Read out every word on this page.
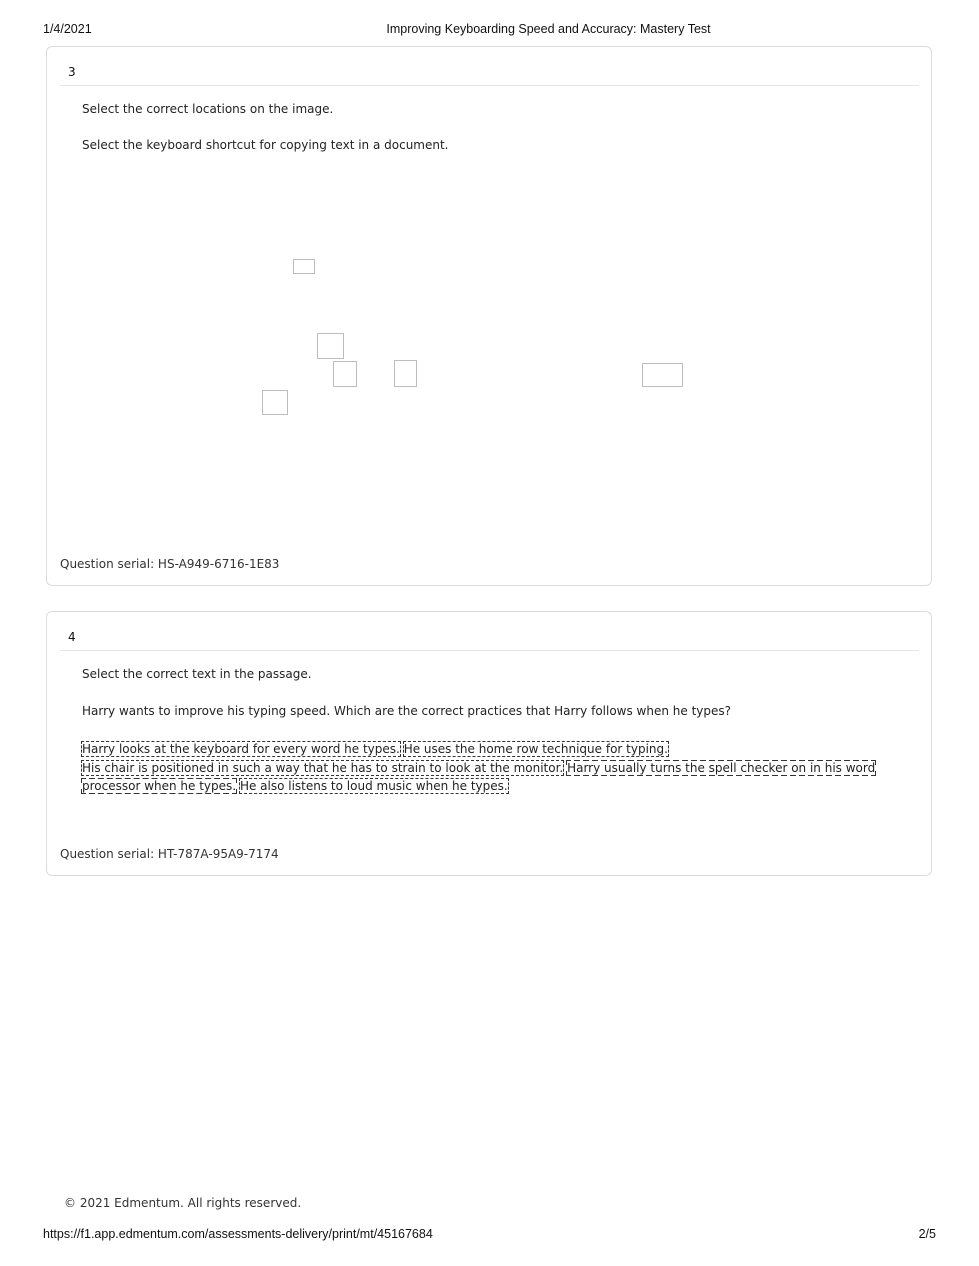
1/4/2021	Improving Keyboarding Speed and Accuracy: Mastery Test
3
Select the correct locations on the image.
Select the keyboard shortcut for copying text in a document.
Question serial: HS-A949-6716-1E83
4
Select the correct text in the passage.
Harry wants to improve his typing speed. Which are the correct practices that Harry follows when he types?
Harry looks at the keyboard for every word he types. He uses the home row technique for typing.
His chair is positioned in such a way that he has to strain to look at the monitor. Harry usually turns the spell checker on in his word processor when he types. He also listens to loud music when he types.
Question serial: HT-787A-95A9-7174
© 2021 Edmentum. All rights reserved.
https://f1.app.edmentum.com/assessments-delivery/print/mt/45167684	2/5
